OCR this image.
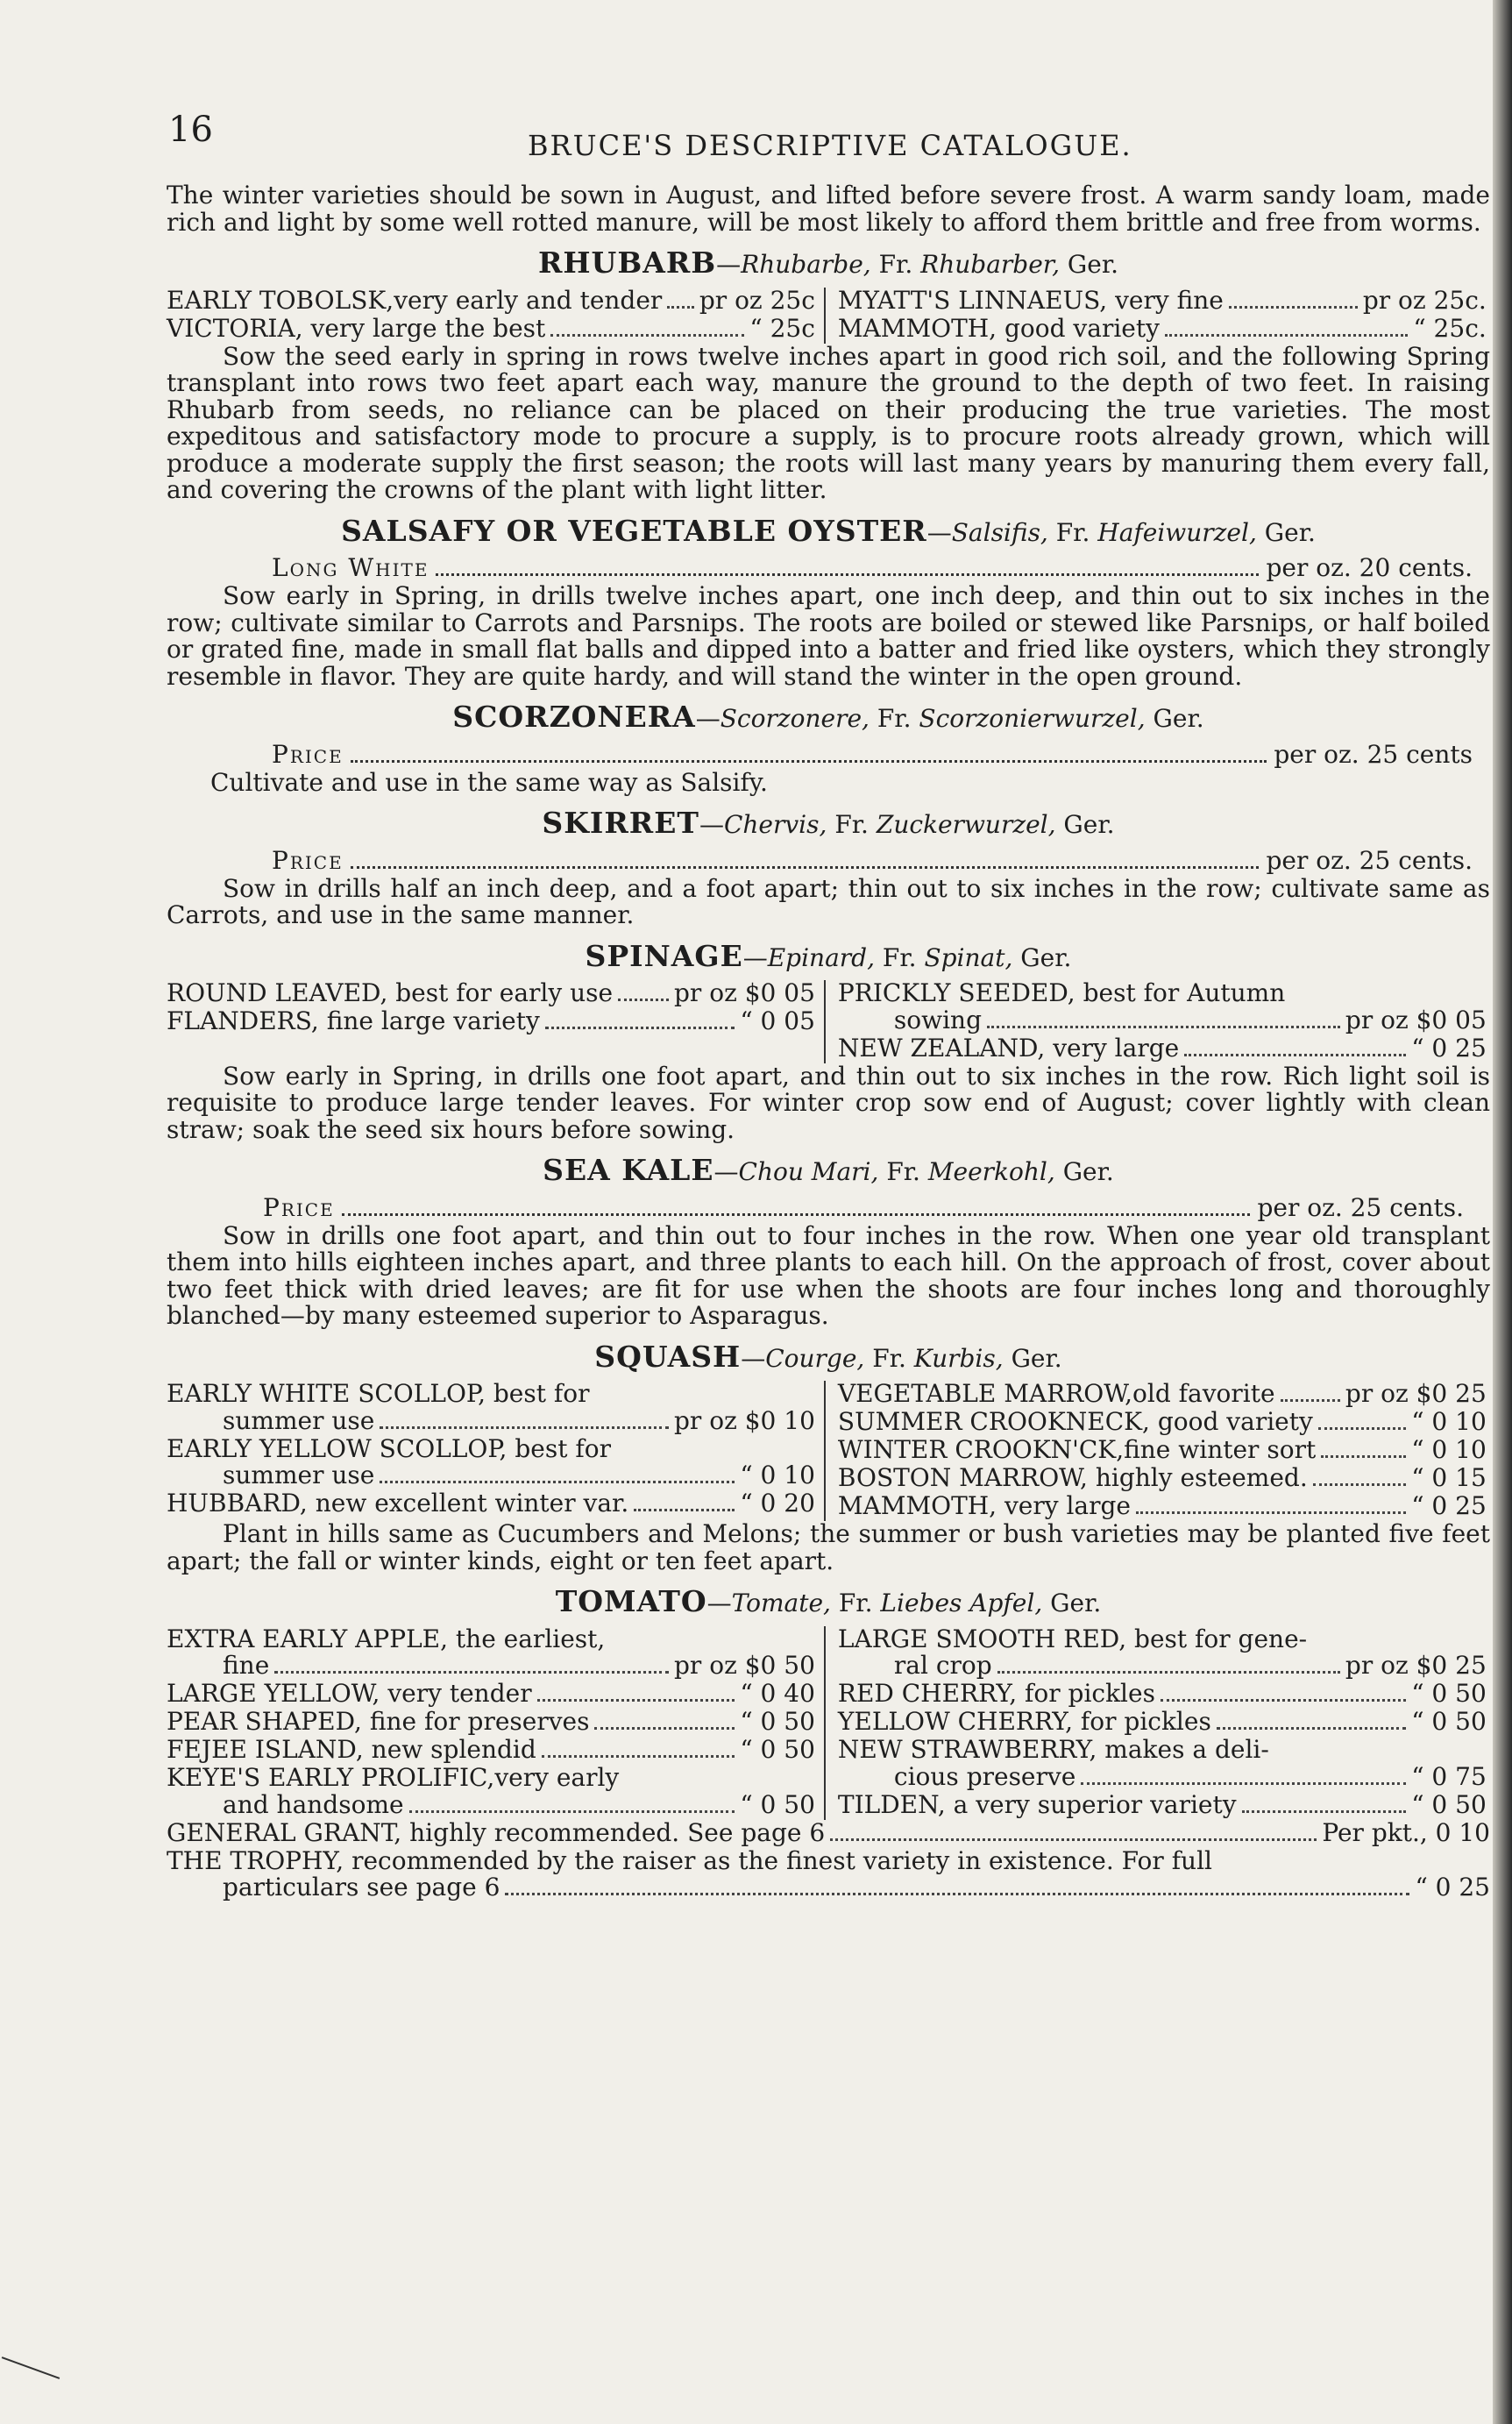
16	BRUCE'S DESCRIPTIVE CATALOGUE.

The winter varieties should be sown in August, and lifted before severe frost. A warm sandy loam, made rich and light by some well rotted manure, will be most likely to afford them brittle and free from worms.

RHUBARB—Rhubarbe, Fr. Rhubarber, Ger.
EARLY TOBOLSK,very early and tender pr oz 25c
VICTORIA, very large the best	“ 25c
MYATT'S LINNAEUS, very fine	pr oz 25c.
MAMMOTH, good variety	“ 25c.

Sow the seed early in spring in rows twelve inches apart in good rich soil, and the following Spring transplant into rows two feet apart each way, manure the ground to the depth of two feet. In raising Rhubarb from seeds, no reliance can be placed on their producing the true varieties. The most expeditous and satisfactory mode to procure a supply, is to procure roots already grown, which will produce a moderate supply the first season; the roots will last many years by manuring them every fall, and covering the crowns of the plant with light litter.

SALSAFY OR VEGETABLE OYSTER—Salsifis, Fr. Hafeiwurzel, Ger.
Long White	per oz. 20 cents.

Sow early in Spring, in drills twelve inches apart, one inch deep, and thin out to six inches in the row; cultivate similar to Carrots and Parsnips. The roots are boiled or stewed like Parsnips, or half boiled or grated fine, made in small flat balls and dipped into a batter and fried like oysters, which they strongly resemble in flavor. They are quite hardy, and will stand the winter in the open ground.

SCORZONERA—Scorzonere, Fr. Scorzonierwurzel, Ger.
Price	per oz. 25 cents

Cultivate and use in the same way as Salsify.

SKIRRET—Chervis, Fr. Zuckerwurzel, Ger.
Price	per oz. 25 cents.

Sow in drills half an inch deep, and a foot apart; thin out to six inches in the row; cultivate same as Carrots, and use in the same manner.

SPINAGE—Epinard, Fr. Spinat, Ger.
ROUND LEAVED, best for early use pr oz $0 05
FLANDERS, fine large variety	“ 0 05
PRICKLY SEEDED, best for Autumn
sowing	pr oz $0 05
NEW ZEALAND, very large	“ 0 25

Sow early in Spring, in drills one foot apart, and thin out to six inches in the row. Rich light soil is requisite to produce large tender leaves. For winter crop sow end of August; cover lightly with clean straw; soak the seed six hours before sowing.

SEA KALE—Chou Mari, Fr. Meerkohl, Ger.
Price	per oz. 25 cents.

Sow in drills one foot apart, and thin out to four inches in the row. When one year old transplant them into hills eighteen inches apart, and three plants to each hill. On the approach of frost, cover about two feet thick with dried leaves; are fit for use when the shoots are four inches long and thoroughly blanched—by many esteemed superior to Asparagus.

SQUASH—Courge, Fr. Kurbis, Ger.
EARLY WHITE SCOLLOP, best for
summer use	pr oz $0 10
EARLY YELLOW SCOLLOP, best for
summer use	“ 0 10
HUBBARD, new excellent winter var.	“ 0 20
VEGETABLE MARROW,old favorite	pr oz $0 25
SUMMER CROOKNECK, good variety	“ 0 10
WINTER CROOKN'CK,fine winter sort	“ 0 10
BOSTON MARROW, highly esteemed.	“ 0 15
MAMMOTH, very large	“ 0 25

Plant in hills same as Cucumbers and Melons; the summer or bush varieties may be planted five feet apart; the fall or winter kinds, eight or ten feet apart.

TOMATO—Tomate, Fr. Liebes Apfel, Ger.
EXTRA EARLY APPLE, the earliest,
fine	pr oz $0 50
LARGE YELLOW, very tender	“ 0 40
PEAR SHAPED, fine for preserves	“ 0 50
FEJEE ISLAND, new splendid	“ 0 50
KEYE'S EARLY PROLIFIC,very early
and handsome	“ 0 50
LARGE SMOOTH RED, best for gene-
ral crop	pr oz $0 25
RED CHERRY, for pickles	“ 0 50
YELLOW CHERRY, for pickles	“ 0 50
NEW STRAWBERRY, makes a deli-
cious preserve	“ 0 75
TILDEN, a very superior variety	“ 0 50
GENERAL GRANT, highly recommended. See page 6	Per pkt., 0 10
THE TROPHY, recommended by the raiser as the finest variety in existence. For full
particulars see page 6	“ 0 25
